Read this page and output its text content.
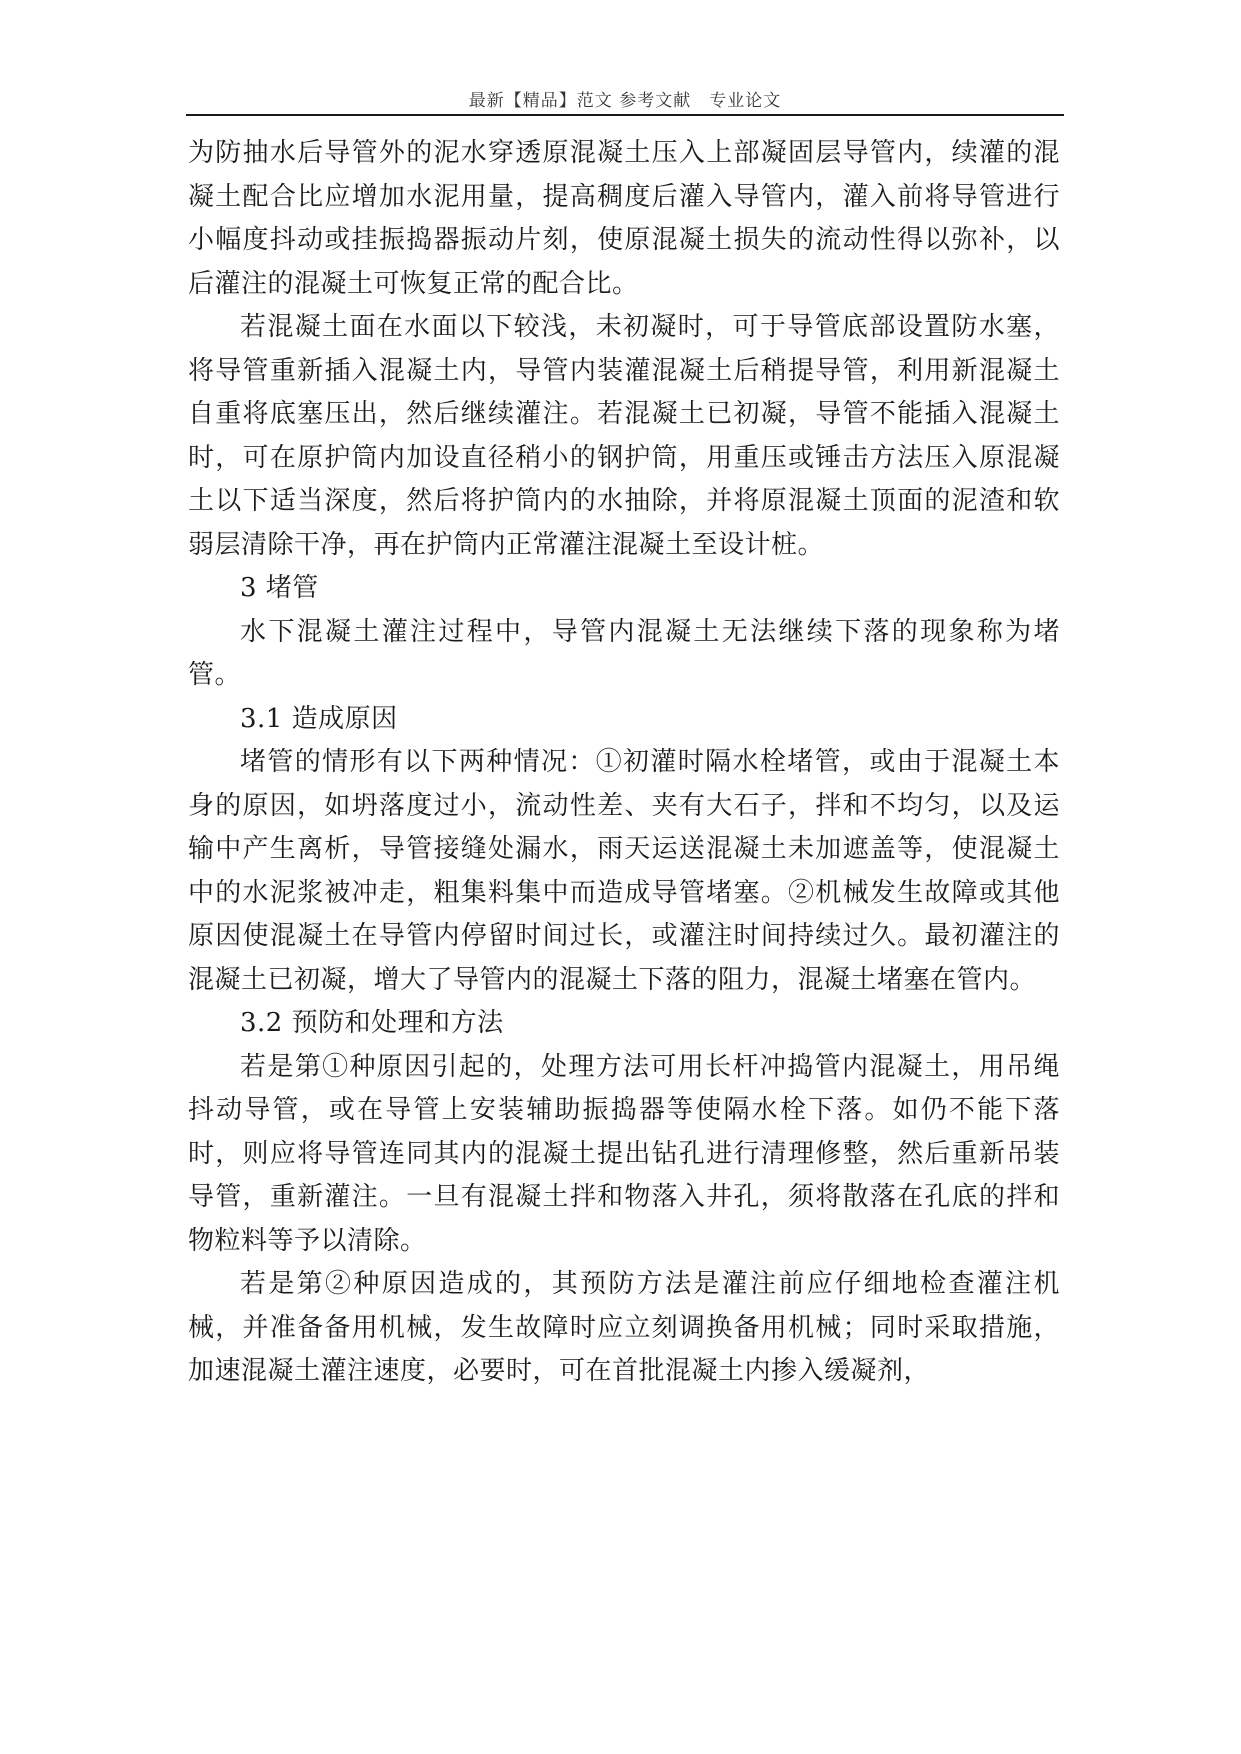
最新【精品】范文 参考文献　专业论文

为防抽水后导管外的泥水穿透原混凝土压入上部凝固层导管内，续灌的混凝土配合比应增加水泥用量，提高稠度后灌入导管内，灌入前将导管进行小幅度抖动或挂振捣器振动片刻，使原混凝土损失的流动性得以弥补，以后灌注的混凝土可恢复正常的配合比。

若混凝土面在水面以下较浅，未初凝时，可于导管底部设置防水塞，将导管重新插入混凝土内，导管内装灌混凝土后稍提导管，利用新混凝土自重将底塞压出，然后继续灌注。若混凝土已初凝，导管不能插入混凝土时，可在原护筒内加设直径稍小的钢护筒，用重压或锤击方法压入原混凝土以下适当深度，然后将护筒内的水抽除，并将原混凝土顶面的泥渣和软弱层清除干净，再在护筒内正常灌注混凝土至设计桩。

3 堵管

水下混凝土灌注过程中，导管内混凝土无法继续下落的现象称为堵管。

3.1 造成原因

堵管的情形有以下两种情况：①初灌时隔水栓堵管，或由于混凝土本身的原因，如坍落度过小，流动性差、夹有大石子，拌和不均匀，以及运输中产生离析，导管接缝处漏水，雨天运送混凝土未加遮盖等，使混凝土中的水泥浆被冲走，粗集料集中而造成导管堵塞。②机械发生故障或其他原因使混凝土在导管内停留时间过长，或灌注时间持续过久。最初灌注的混凝土已初凝，增大了导管内的混凝土下落的阻力，混凝土堵塞在管内。

3.2 预防和处理和方法

若是第①种原因引起的，处理方法可用长杆冲捣管内混凝土，用吊绳抖动导管，或在导管上安装辅助振捣器等使隔水栓下落。如仍不能下落时，则应将导管连同其内的混凝土提出钻孔进行清理修整，然后重新吊装导管，重新灌注。一旦有混凝土拌和物落入井孔，须将散落在孔底的拌和物粒料等予以清除。

若是第②种原因造成的，其预防方法是灌注前应仔细地检查灌注机械，并准备备用机械，发生故障时应立刻调换备用机械；同时采取措施，加速混凝土灌注速度，必要时，可在首批混凝土内掺入缓凝剂，
